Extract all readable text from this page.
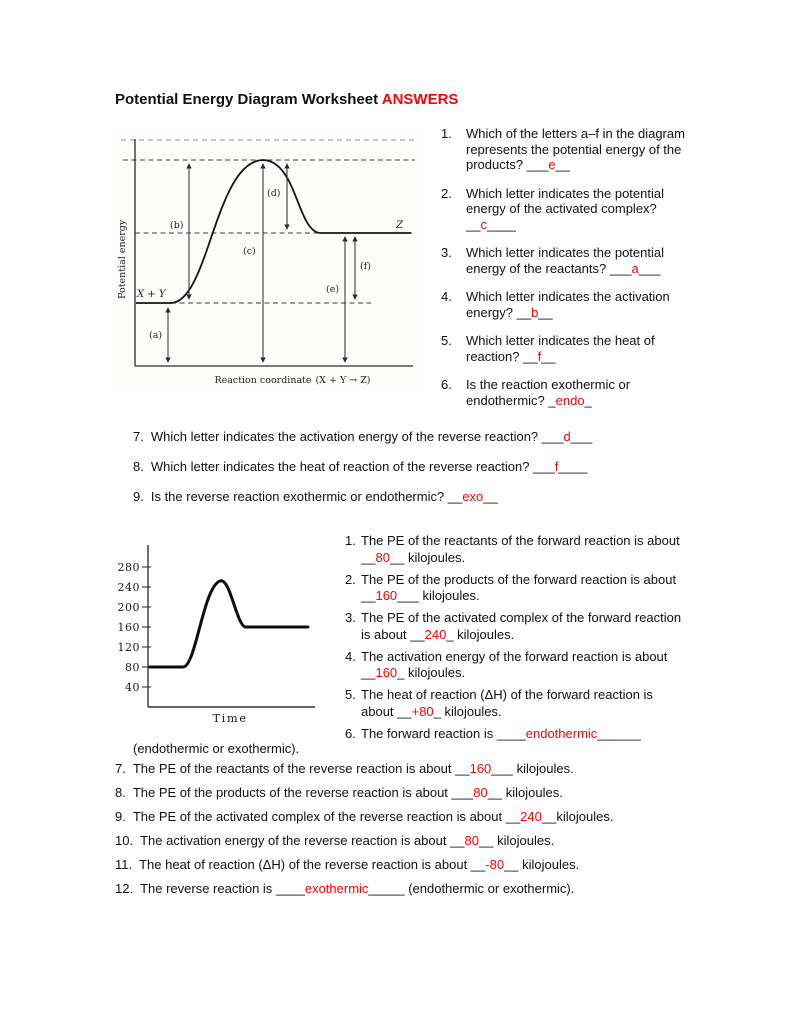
Potential Energy Diagram Worksheet ANSWERS
(a)
(b)
(c)
(d)
(e)
(f)
X + Y
Z
Potential energy
Reaction coordinate (X + Y → Z)
1.	Which of the letters a–f in the diagram represents the potential energy of the products? ___e__
2.	Which letter indicates the potential energy of the activated complex? __c____
3.	Which letter indicates the potential energy of the reactants? ___a___
4.	Which letter indicates the activation energy? __b__
5.	Which letter indicates the heat of reaction? __f__
6.	Is the reaction exothermic or endothermic? _endo_
7. Which letter indicates the activation energy of the reverse reaction? ___d___
8. Which letter indicates the heat of reaction of the reverse reaction? ___f____
9. Is the reverse reaction exothermic or endothermic? __exo__
280
240
200
160
120
80
40
Time
1. The PE of the reactants of the forward reaction is about __80__ kilojoules.
2. The PE of the products of the forward reaction is about __160___ kilojoules.
3. The PE of the activated complex of the forward reaction is about __240_ kilojoules.
4. The activation energy of the forward reaction is about __160_ kilojoules.
5. The heat of reaction (ΔH) of the forward reaction is about __+80_ kilojoules.
6. The forward reaction is ____endothermic______
(endothermic or exothermic).
7. The PE of the reactants of the reverse reaction is about __160___ kilojoules.
8. The PE of the products of the reverse reaction is about ___80__ kilojoules.
9. The PE of the activated complex of the reverse reaction is about __240__kilojoules.
10. The activation energy of the reverse reaction is about __80__ kilojoules.
11. The heat of reaction (ΔH) of the reverse reaction is about __-80__ kilojoules.
12. The reverse reaction is ____exothermic_____ (endothermic or exothermic).
